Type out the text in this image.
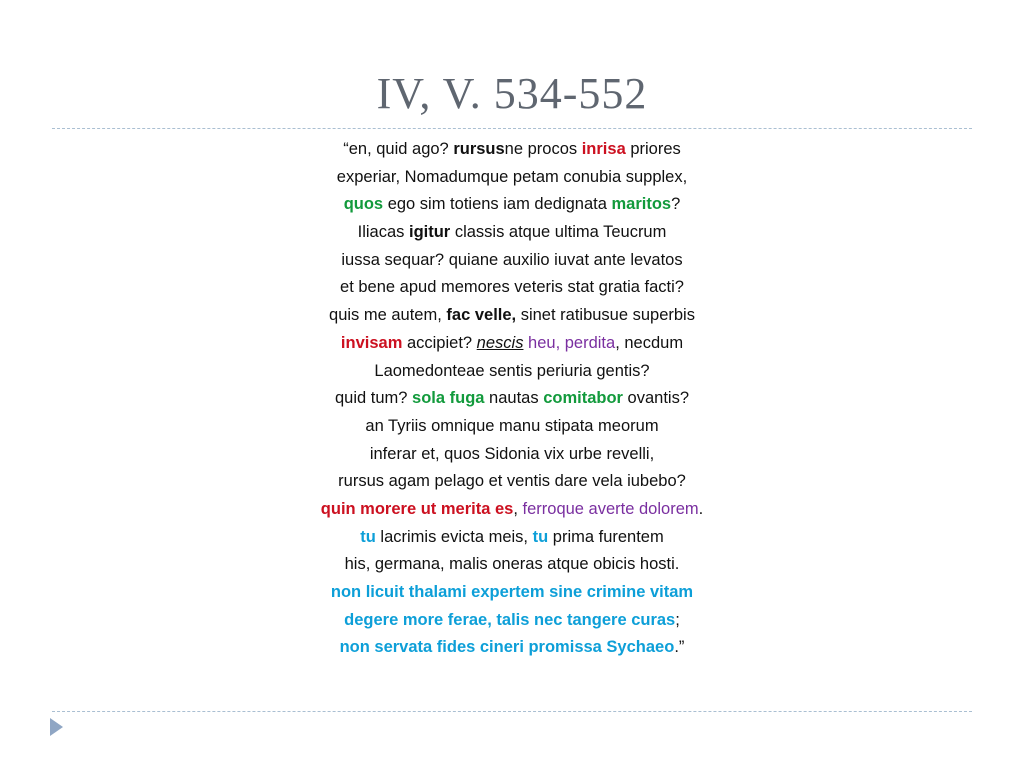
IV, V. 534-552
“en, quid ago? rursusne procos inrisa priores
experiar, Nomadumque petam conubia supplex,
quos ego sim totiens iam dedignata maritos?
Iliacas igitur classis atque ultima Teucrum
iussa sequar? quiane auxilio iuvat ante levatos
et bene apud memores veteris stat gratia facti?
quis me autem, fac velle, sinet ratibusue superbis
invisam accipiet? nescis heu, perdita, necdum
Laomedonteae sentis periuria gentis?
quid tum? sola fuga nautas comitabor ovantis?
an Tyriis omnique manu stipata meorum
inferar et, quos Sidonia vix urbe revelli,
rursus agam pelago et ventis dare vela iubebo?
quin morere ut merita es, ferroque averte dolorem.
tu lacrimis evicta meis, tu prima furentem
his, germana, malis oneras atque obicis hosti.
non licuit thalami expertem sine crimine vitam
degere more ferae, talis nec tangere curas;
non servata fides cineri promissa Sychaeo.”
